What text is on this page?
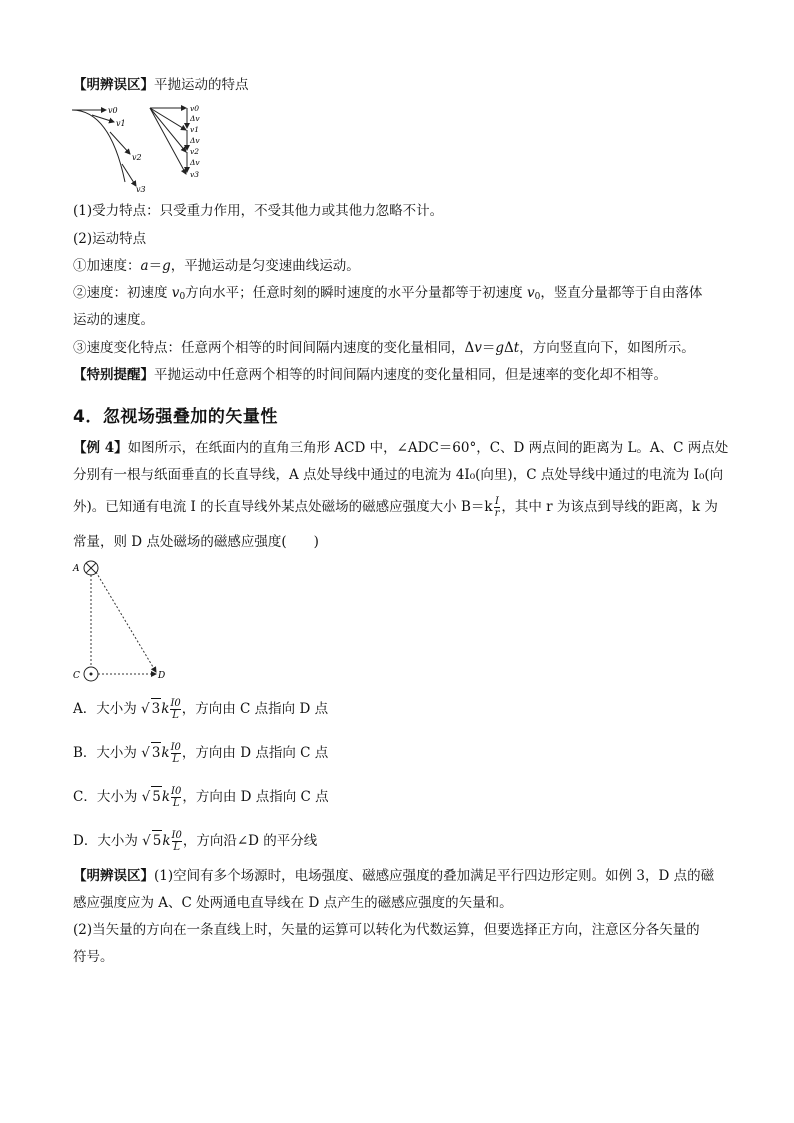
【明辨误区】平抛运动的特点
v0
v1
v2
v3
v0
Δv
v1
Δv
v2
Δv
v3
(1)受力特点：只受重力作用，不受其他力或其他力忽略不计。
(2)运动特点
①加速度：a＝g，平抛运动是匀变速曲线运动。
②速度：初速度 $v_0$方向水平；任意时刻的瞬时速度的水平分量都等于初速度 $v_0$，竖直分量都等于自由落体
运动的速度。
③速度变化特点：任意两个相等的时间间隔内速度的变化量相同，Δv＝gΔt，方向竖直向下，如图所示。
【特别提醒】平抛运动中任意两个相等的时间间隔内速度的变化量相同，但是速率的变化却不相等。
4．忽视场强叠加的矢量性
【例 4】如图所示，在纸面内的直角三角形 ACD 中，∠ADC＝60°，C、D 两点间的距离为 L。A、C 两点处
分别有一根与纸面垂直的长直导线，A 点处导线中通过的电流为 4I₀(向里)，C 点处导线中通过的电流为 I₀(向
外)。已知通有电流 I 的长直导线外某点处磁场的磁感应强度大小 $B=k \frac{I}{r}$ ，其中 r 为该点到导线的距离，k 为
常量，则 D 点处磁场的磁感应强度(　　)
A
C	D
A．大小为 √ $3k \frac{I0}{L}$ ，方向由 C 点指向 D 点
B．大小为 √ $3k \frac{I0}{L}$ ，方向由 D 点指向 C 点
C．大小为 √ $5k \frac{I0}{L}$ ，方向由 D 点指向 C 点
D．大小为 √ $5k \frac{I0}{L}$ ，方向沿∠D 的平分线
【明辨误区】(1)空间有多个场源时，电场强度、磁感应强度的叠加满足平行四边形定则。如例 3，D 点的磁
感应强度应为 A、C 处两通电直导线在 D 点产生的磁感应强度的矢量和。
(2)当矢量的方向在一条直线上时，矢量的运算可以转化为代数运算，但要选择正方向，注意区分各矢量的
符号。
